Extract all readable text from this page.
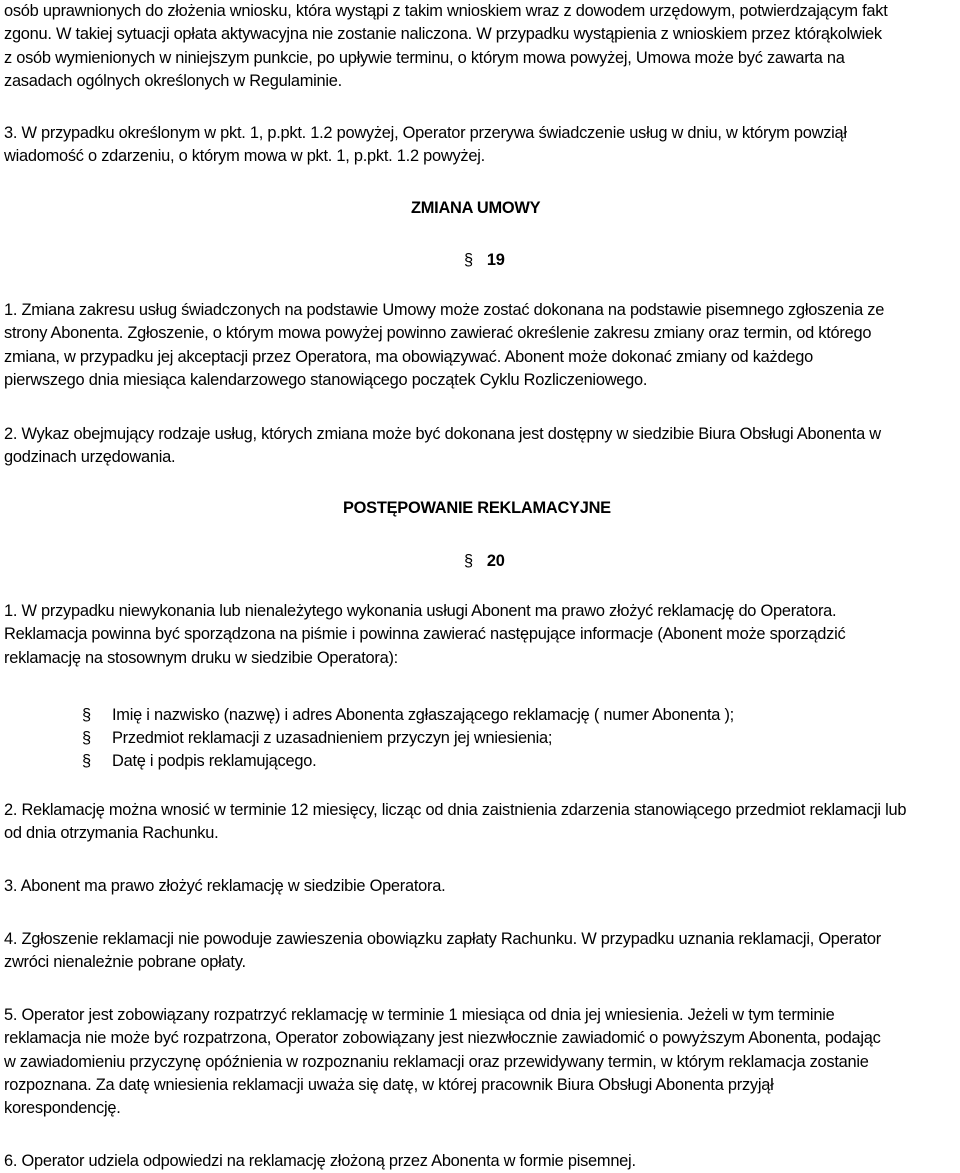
osób uprawnionych do złożenia wniosku, która wystąpi z takim wnioskiem wraz z dowodem urzędowym, potwierdzającym fakt
zgonu. W takiej sytuacji opłata aktywacyjna nie zostanie naliczona. W przypadku wystąpienia z wnioskiem przez którąkolwiek
z osób wymienionych w niniejszym punkcie, po upływie terminu, o którym mowa powyżej, Umowa może być zawarta na
zasadach ogólnych określonych w Regulaminie.

3. W przypadku określonym w pkt. 1, p.pkt. 1.2 powyżej, Operator przerywa świadczenie usług w dniu, w którym powziął
wiadomość o zdarzeniu, o którym mowa w pkt. 1, p.pkt. 1.2 powyżej.

ZMIANA UMOWY
§ 19

1. Zmiana zakresu usług świadczonych na podstawie Umowy może zostać dokonana na podstawie pisemnego zgłoszenia ze
strony Abonenta. Zgłoszenie, o którym mowa powyżej powinno zawierać określenie zakresu zmiany oraz termin, od którego
zmiana, w przypadku jej akceptacji przez Operatora, ma obowiązywać. Abonent może dokonać zmiany od każdego
pierwszego dnia miesiąca kalendarzowego stanowiącego początek Cyklu Rozliczeniowego.

2. Wykaz obejmujący rodzaje usług, których zmiana może być dokonana jest dostępny w siedzibie Biura Obsługi Abonenta w
godzinach urzędowania.

POSTĘPOWANIE REKLAMACYJNE
§ 20

1. W przypadku niewykonania lub nienależytego wykonania usługi Abonent ma prawo złożyć reklamację do Operatora.
Reklamacja powinna być sporządzona na piśmie i powinna zawierać następujące informacje (Abonent może sporządzić
reklamację na stosownym druku w siedzibie Operatora):

§ Imię i nazwisko (nazwę) i adres Abonenta zgłaszającego reklamację ( numer Abonenta );
§ Przedmiot reklamacji z uzasadnieniem przyczyn jej wniesienia;
§ Datę i podpis reklamującego.

2. Reklamację można wnosić w terminie 12 miesięcy, licząc od dnia zaistnienia zdarzenia stanowiącego przedmiot reklamacji lub
od dnia otrzymania Rachunku.

3. Abonent ma prawo złożyć reklamację w siedzibie Operatora.

4. Zgłoszenie reklamacji nie powoduje zawieszenia obowiązku zapłaty Rachunku. W przypadku uznania reklamacji, Operator
zwróci nienależnie pobrane opłaty.

5. Operator jest zobowiązany rozpatrzyć reklamację w terminie 1 miesiąca od dnia jej wniesienia. Jeżeli w tym terminie
reklamacja nie może być rozpatrzona, Operator zobowiązany jest niezwłocznie zawiadomić o powyższym Abonenta, podając
w zawiadomieniu przyczynę opóźnienia w rozpoznaniu reklamacji oraz przewidywany termin, w którym reklamacja zostanie
rozpoznana. Za datę wniesienia reklamacji uważa się datę, w której pracownik Biura Obsługi Abonenta przyjął
korespondencję.

6. Operator udziela odpowiedzi na reklamację złożoną przez Abonenta w formie pisemnej.
